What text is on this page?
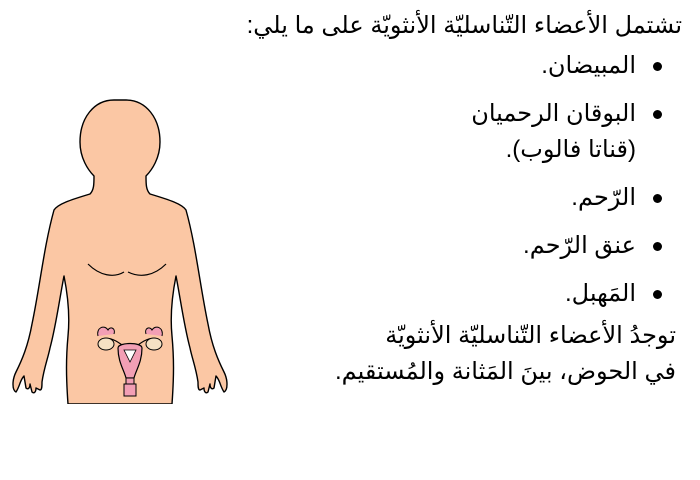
تشتمل الأعضاء التّناسليّة الأنثويّة على ما يلي:

المبيضان.
البوقان الرحميان
(قناتا فالوب).
الرّحم.
عنق الرّحم.
المَهبل.

توجدُ الأعضاء التّناسليّة الأنثويّة
في الحوض، بينَ المَثانة والمُستقيم.
